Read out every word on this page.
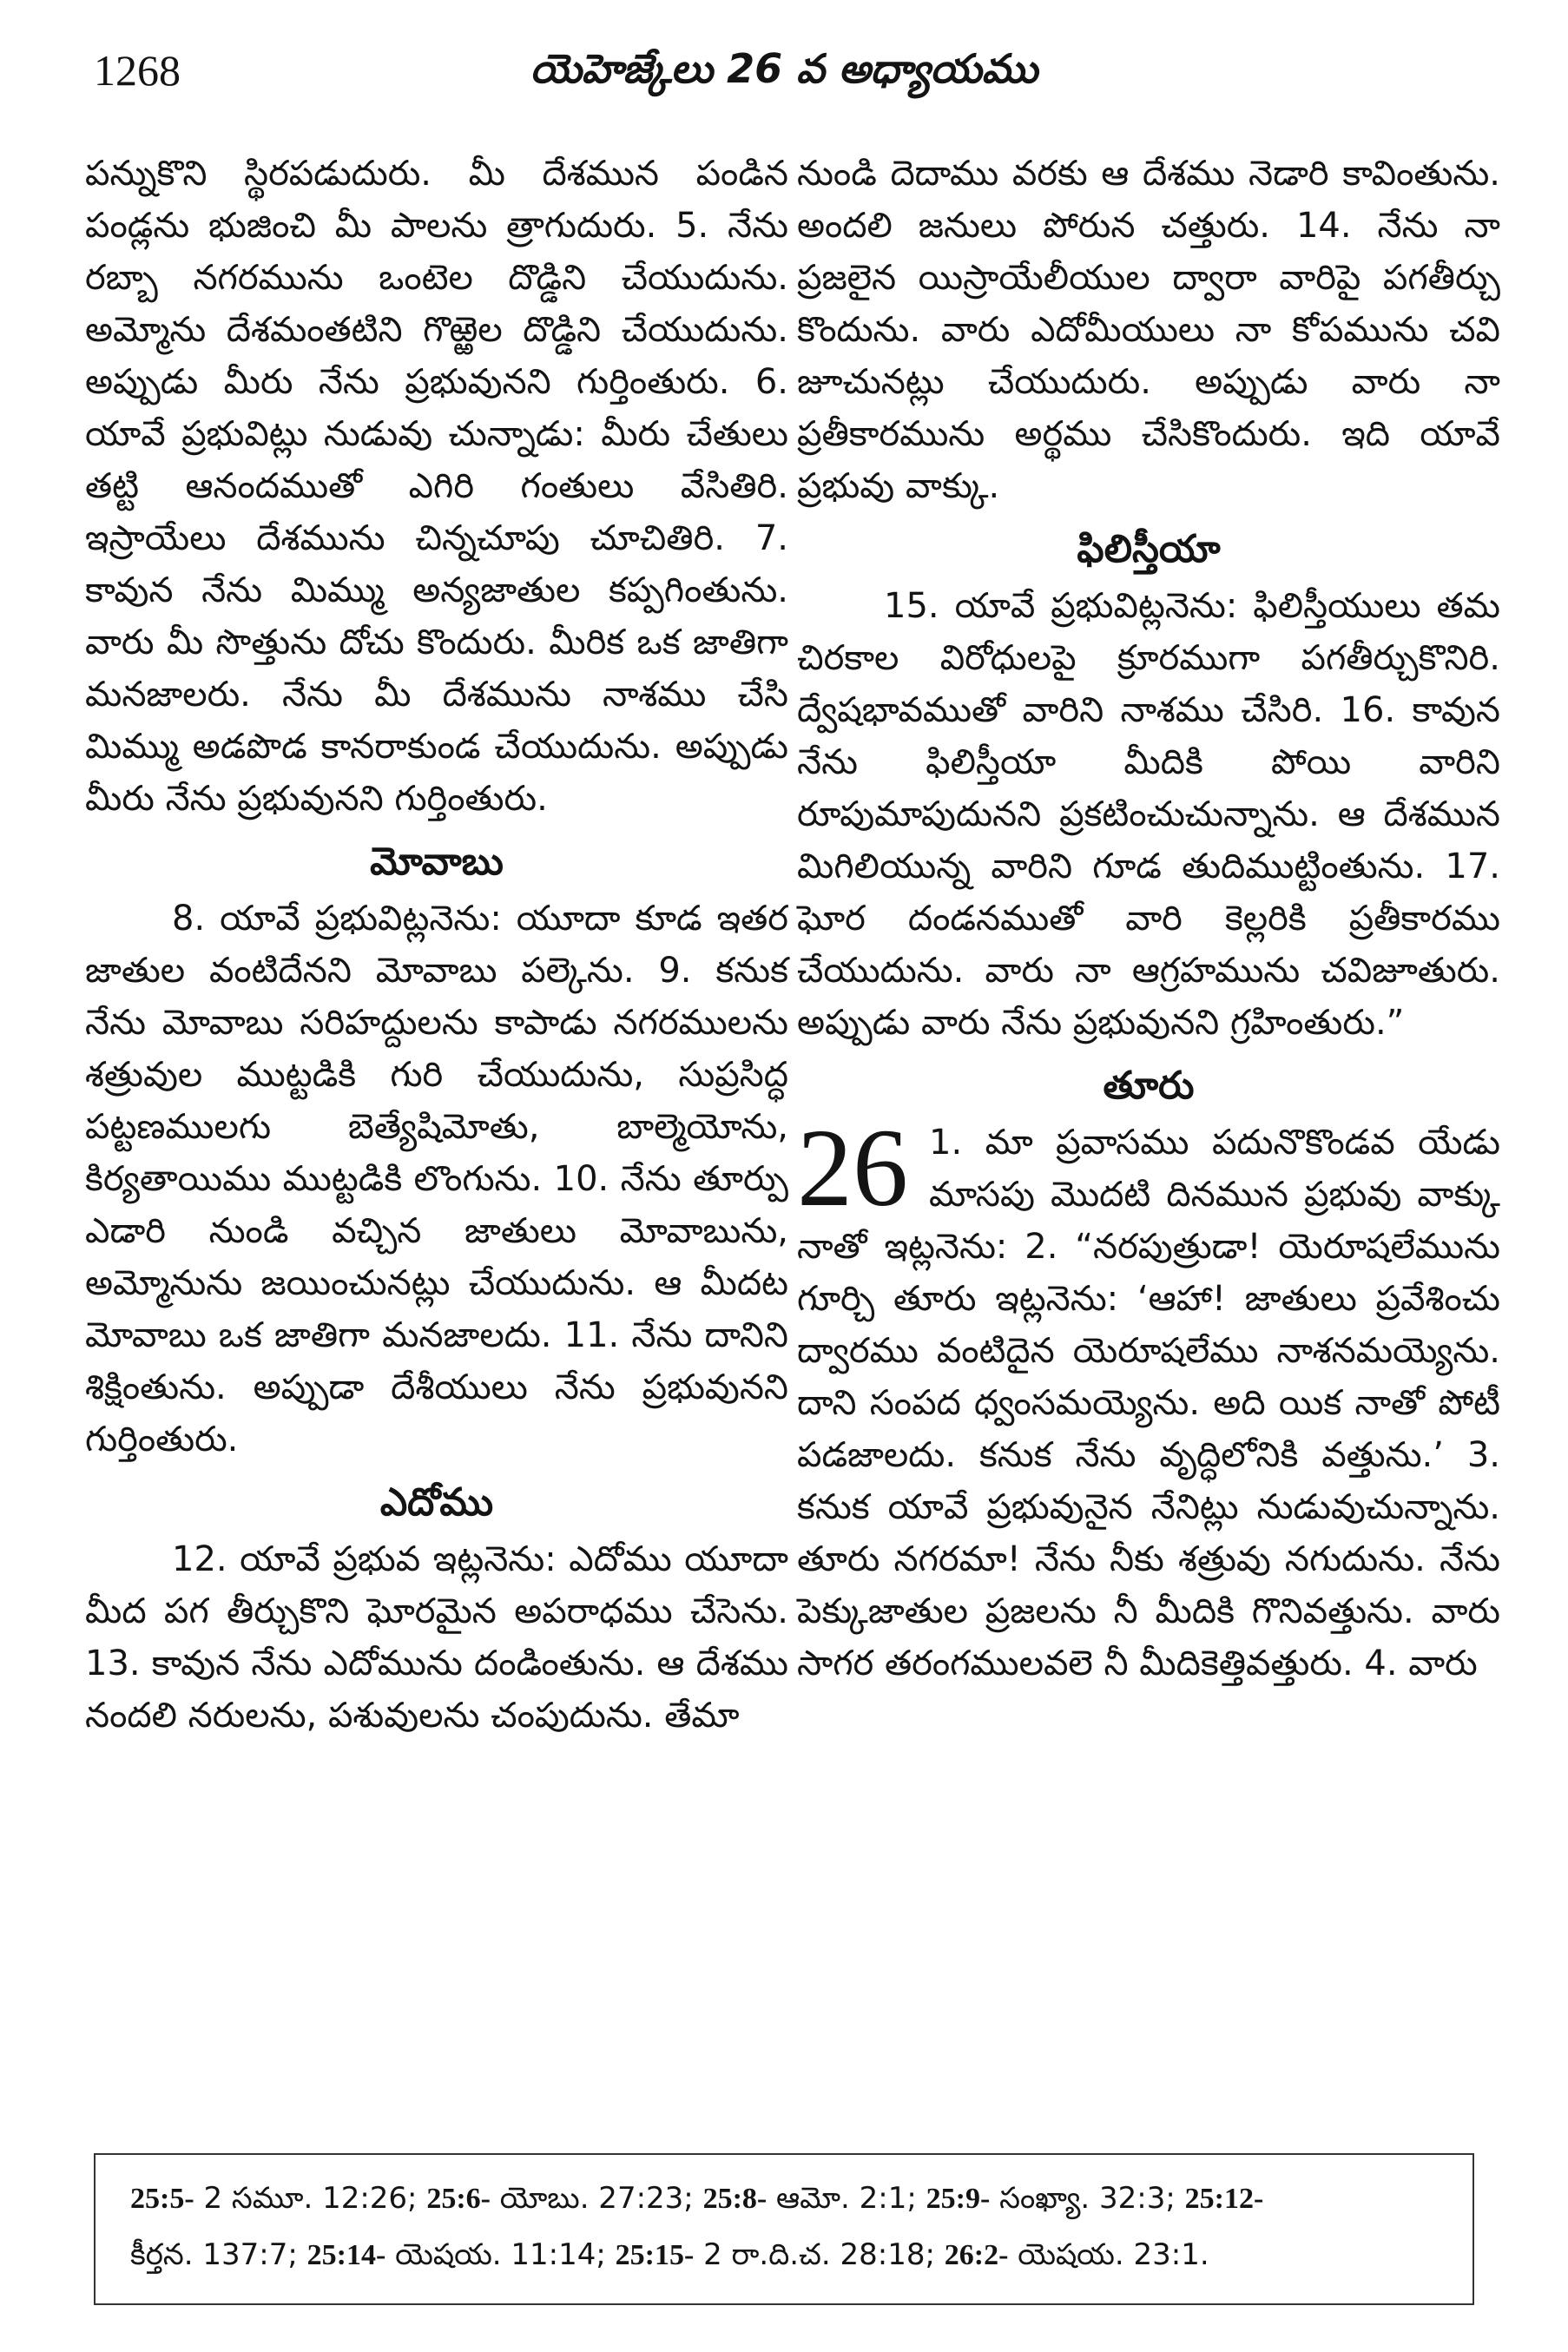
1268	యెహెజ్కేలు 26 వ అధ్యాయము

పన్నుకొని స్థిరపడుదురు. మీ దేశమున పండిన పండ్లను భుజించి మీ పాలను త్రాగుదురు. 5. నేను రబ్బా నగరమును ఒంటెల దొడ్డిని చేయుదును. అమ్మోను దేశమంతటిని గొఱ్ఱెల దొడ్డిని చేయుదును. అప్పుడు మీరు నేను ప్రభువునని గుర్తింతురు. 6. యావే ప్రభువిట్లు నుడువు చున్నాడు: మీరు చేతులు తట్టి ఆనందముతో ఎగిరి గంతులు వేసితిరి. ఇస్రాయేలు దేశమును చిన్నచూపు చూచితిరి. 7. కావున నేను మిమ్ము అన్యజాతుల కప్పగింతును. వారు మీ సొత్తును దోచు కొందురు. మీరిక ఒక జాతిగా మనజాలరు. నేను మీ దేశమును నాశము చేసి మిమ్ము అడపొడ కానరాకుండ చేయుదును. అప్పుడు మీరు నేను ప్రభువునని గుర్తింతురు.

మోవాబు

8. యావే ప్రభువిట్లనెను: యూదా కూడ ఇతర జాతుల వంటిదేనని మోవాబు పల్కెను. 9. కనుక నేను మోవాబు సరిహద్దులను కాపాడు నగరములను శత్రువుల ముట్టడికి గురి చేయుదును, సుప్రసిద్ధ పట్టణములగు బెత్యేషిమోతు, బాల్మెయోను, కిర్యతాయిము ముట్టడికి లొంగును. 10. నేను తూర్పు ఎడారి నుండి వచ్చిన జాతులు మోవాబును, అమ్మోనును జయించునట్లు చేయుదును. ఆ మీదట మోవాబు ఒక జాతిగా మనజాలదు. 11. నేను దానిని శిక్షింతును. అప్పుడా దేశీయులు నేను ప్రభువునని గుర్తింతురు.

ఎదోము

12. యావే ప్రభువ ఇట్లనెను: ఎదోము యూదా మీద పగ తీర్చుకొని ఘోరమైన అపరాధము చేసెను. 13. కావున నేను ఎదోమును దండింతును. ఆ దేశము నందలి నరులను, పశువులను చంపుదును. తేమా

నుండి దెదాము వరకు ఆ దేశము నెడారి కావింతును. అందలి జనులు పోరున చత్తురు. 14. నేను నా ప్రజలైన యిస్రాయేలీయుల ద్వారా వారిపై పగతీర్చు కొందును. వారు ఎదోమీయులు నా కోపమును చవి జూచునట్లు చేయుదురు. అప్పుడు వారు నా ప్రతీకారమును అర్థము చేసికొందురు. ఇది యావే ప్రభువు వాక్కు.

ఫిలిస్తీయా

15. యావే ప్రభువిట్లనెను: ఫిలిస్తీయులు తమ చిరకాల విరోధులపై క్రూరముగా పగతీర్చుకొనిరి. ద్వేషభావముతో వారిని నాశము చేసిరి. 16. కావున నేను ఫిలిస్తీయా మీదికి పోయి వారిని రూపుమాపుదునని ప్రకటించుచున్నాను. ఆ దేశమున మిగిలియున్న వారిని గూడ తుదిముట్టింతును. 17. ఘోర దండనముతో వారి కెల్లరికి ప్రతీకారము చేయుదును. వారు నా ఆగ్రహమును చవిజూతురు. అప్పుడు వారు నేను ప్రభువునని గ్రహింతురు.”

తూరు
26 1. మా ప్రవాసము పదునొకొండవ యేడు మాసపు మొదటి దినమున ప్రభువు వాక్కు నాతో ఇట్లనెను: 2. “నరపుత్రుడా! యెరూషలేమును గూర్చి తూరు ఇట్లనెను: ‘ఆహా! జాతులు ప్రవేశించు ద్వారము వంటిదైన యెరూషలేము నాశనమయ్యెను. దాని సంపద ధ్వంసమయ్యెను. అది యిక నాతో పోటీ పడజాలదు. కనుక నేను వృద్ధిలోనికి వత్తును.’ 3. కనుక యావే ప్రభువునైన నేనిట్లు నుడువుచున్నాను. తూరు నగరమా! నేను నీకు శత్రువు నగుదును. నేను పెక్కుజాతుల ప్రజలను నీ మీదికి గొనివత్తును. వారు సాగర తరంగములవలె నీ మీదికెత్తివత్తురు. 4. వారు

25:5- 2 సమూ. 12:26; 25:6- యోబు. 27:23; 25:8- ఆమో. 2:1; 25:9- సంఖ్యా. 32:3; 25:12-
కీర్తన. 137:7; 25:14- యెషయ. 11:14; 25:15- 2 రా.ది.చ. 28:18; 26:2- యెషయ. 23:1.
